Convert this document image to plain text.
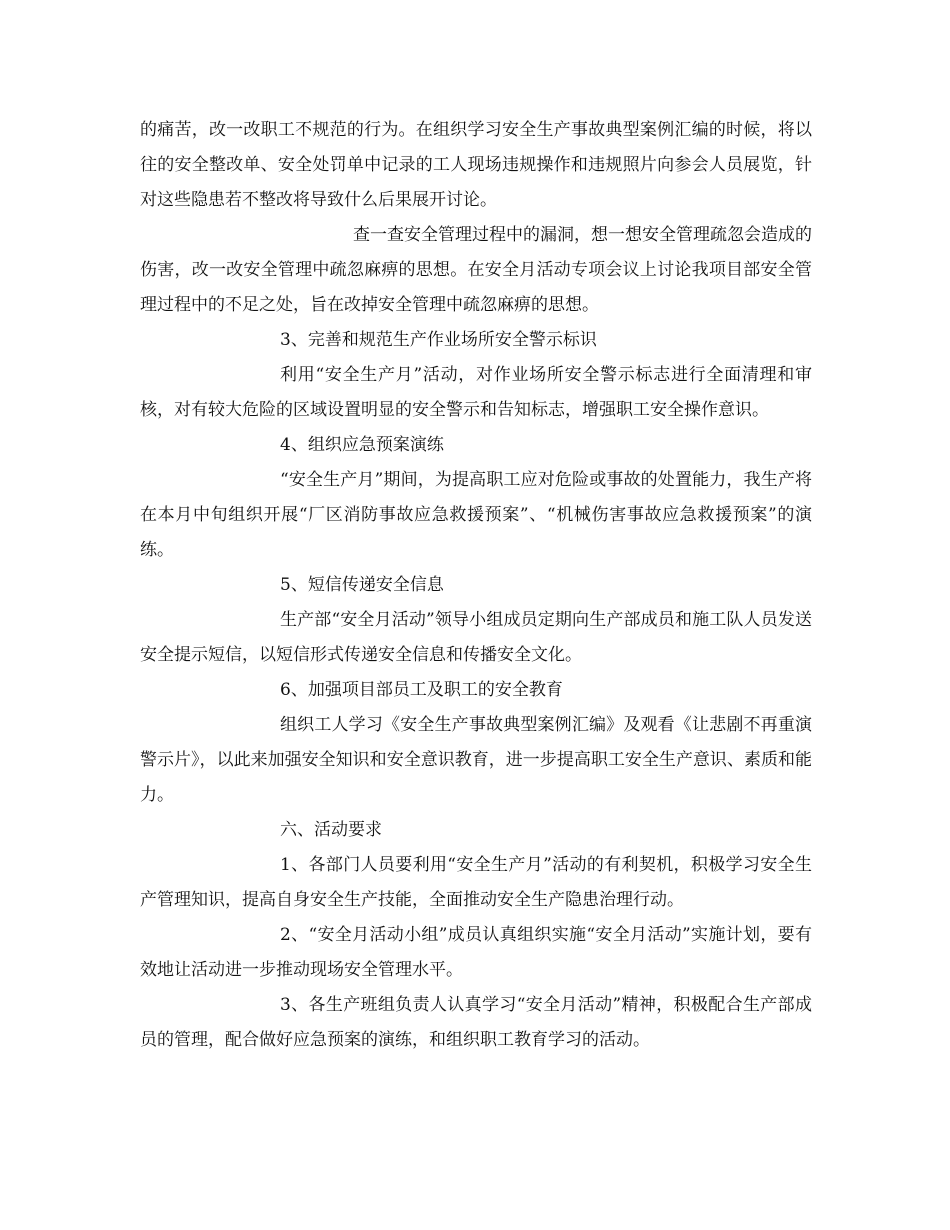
的痛苦，改一改职工不规范的行为。在组织学习安全生产事故典型案例汇编的时候，将以往的安全整改单、安全处罚单中记录的工人现场违规操作和违规照片向参会人员展览，针对这些隐患若不整改将导致什么后果展开讨论。

查一查安全管理过程中的漏洞，想一想安全管理疏忽会造成的伤害，改一改安全管理中疏忽麻痹的思想。在安全月活动专项会议上讨论我项目部安全管理过程中的不足之处，旨在改掉安全管理中疏忽麻痹的思想。

3、完善和规范生产作业场所安全警示标识

利用“安全生产月”活动，对作业场所安全警示标志进行全面清理和审核，对有较大危险的区域设置明显的安全警示和告知标志，增强职工安全操作意识。

4、组织应急预案演练

“安全生产月”期间，为提高职工应对危险或事故的处置能力，我生产将在本月中旬组织开展“厂区消防事故应急救援预案”、“机械伤害事故应急救援预案”的演练。

5、短信传递安全信息

生产部“安全月活动”领导小组成员定期向生产部成员和施工队人员发送安全提示短信，以短信形式传递安全信息和传播安全文化。

6、加强项目部员工及职工的安全教育

组织工人学习《安全生产事故典型案例汇编》及观看《让悲剧不再重演警示片》，以此来加强安全知识和安全意识教育，进一步提高职工安全生产意识、素质和能力。

六、活动要求

1、各部门人员要利用“安全生产月”活动的有利契机，积极学习安全生产管理知识，提高自身安全生产技能，全面推动安全生产隐患治理行动。

2、“安全月活动小组”成员认真组织实施“安全月活动”实施计划，要有效地让活动进一步推动现场安全管理水平。

3、各生产班组负责人认真学习“安全月活动”精神，积极配合生产部成员的管理，配合做好应急预案的演练，和组织职工教育学习的活动。
